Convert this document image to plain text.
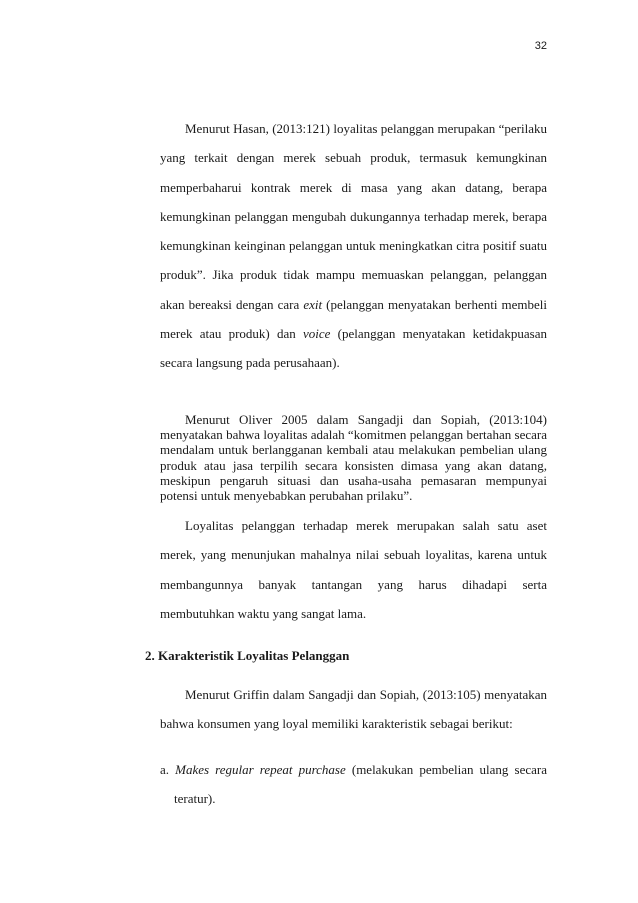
32

Menurut Hasan, (2013:121) loyalitas pelanggan merupakan “perilaku yang terkait dengan merek sebuah produk, termasuk kemungkinan memperbaharui kontrak merek di masa yang akan datang, berapa kemungkinan pelanggan mengubah dukungannya terhadap merek, berapa kemungkinan keinginan pelanggan untuk meningkatkan citra positif suatu produk”. Jika produk tidak mampu memuaskan pelanggan, pelanggan akan bereaksi dengan cara exit (pelanggan menyatakan berhenti membeli merek atau produk) dan voice (pelanggan menyatakan ketidakpuasan secara langsung pada perusahaan).

Menurut Oliver 2005 dalam Sangadji dan Sopiah, (2013:104) menyatakan bahwa loyalitas adalah “komitmen pelanggan bertahan secara mendalam untuk berlangganan kembali atau melakukan pembelian ulang produk atau jasa terpilih secara konsisten dimasa yang akan datang, meskipun pengaruh situasi dan usaha-usaha pemasaran mempunyai potensi untuk menyebabkan perubahan prilaku”.

Loyalitas pelanggan terhadap merek merupakan salah satu aset merek, yang menunjukan mahalnya nilai sebuah loyalitas, karena untuk membangunnya banyak tantangan yang harus dihadapi serta membutuhkan waktu yang sangat lama.

2. Karakteristik Loyalitas Pelanggan

Menurut Griffin dalam Sangadji dan Sopiah, (2013:105) menyatakan bahwa konsumen yang loyal memiliki karakteristik sebagai berikut:

a. Makes regular repeat purchase (melakukan pembelian ulang secara teratur).
